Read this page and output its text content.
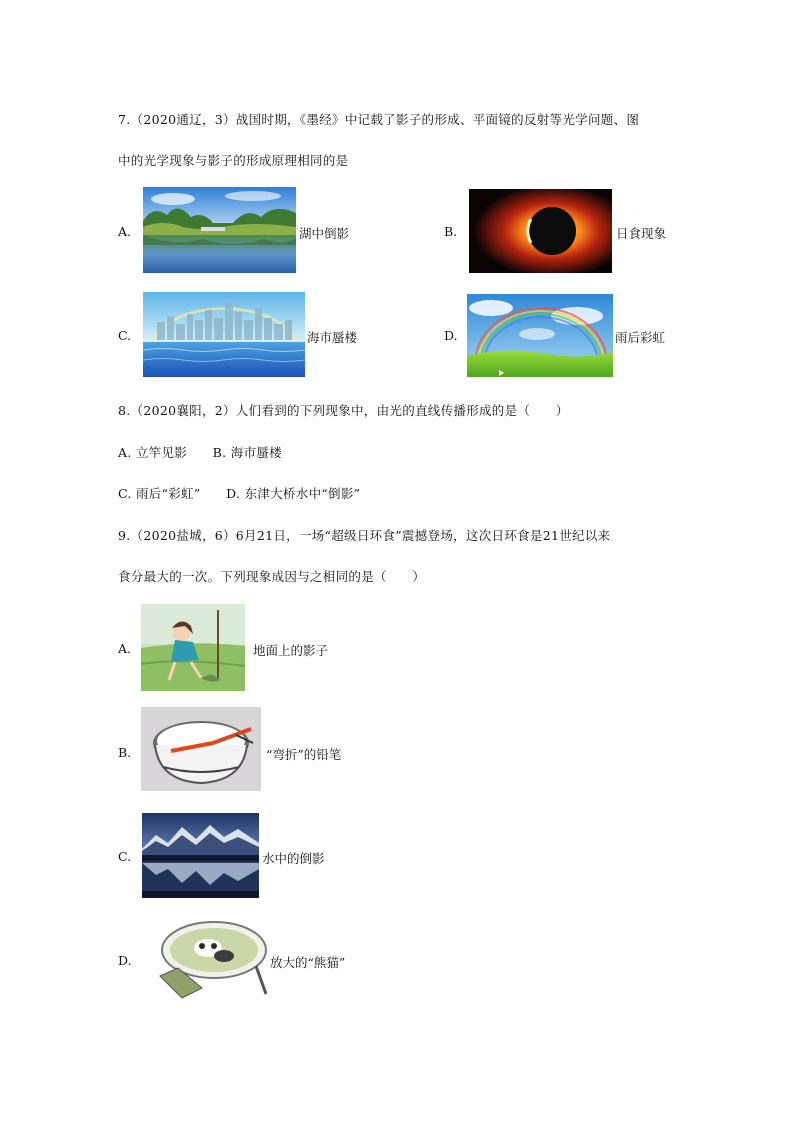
7.（2020通辽，3）战国时期，《墨经》中记载了影子的形成、平面镜的反射等光学问题、图
中的光学现象与影子的形成原理相同的是
A.	湖中倒影	B.	日食现象
C.	海市蜃楼	D.	雨后彩虹
8.（2020襄阳，2）人们看到的下列现象中，由光的直线传播形成的是（　　）
A. 立竿见影　　B. 海市蜃楼
C. 雨后“彩虹”　　D. 东津大桥水中“倒影”
9.（2020盐城，6）6月21日，一场“超级日环食”震撼登场，这次日环食是21世纪以来
食分最大的一次。下列现象成因与之相同的是（　　）
A.	地面上的影子
B.	“弯折”的铅笔
C.	水中的倒影
D.	放大的“熊猫”
